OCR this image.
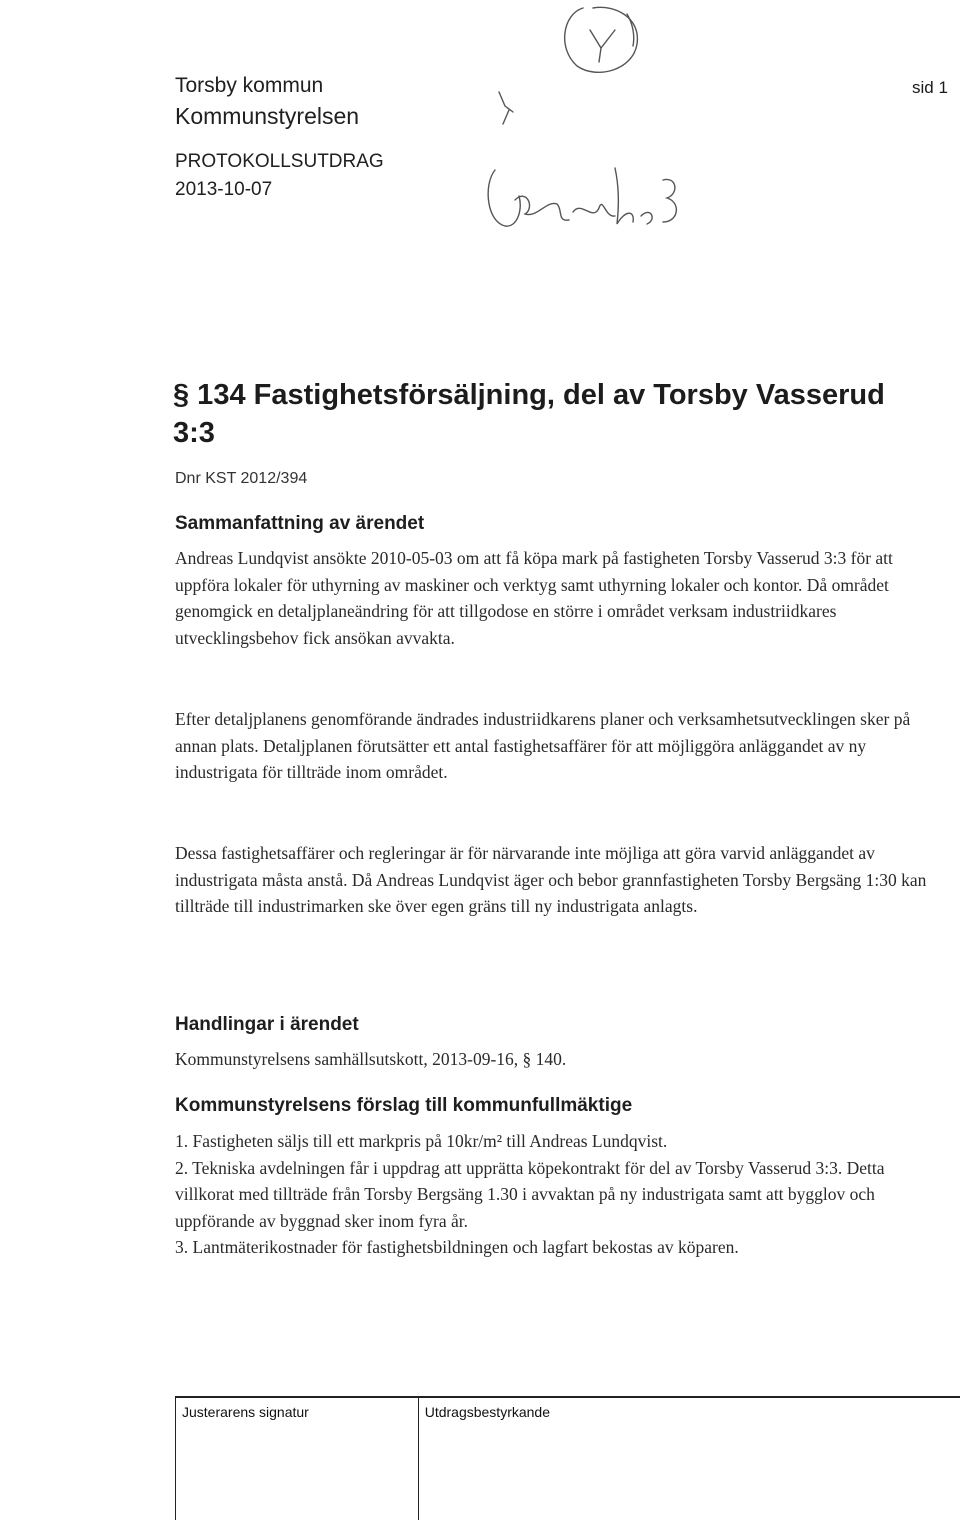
Torsby kommun
Kommunstyrelsen
PROTOKOLLSUTDRAG
2013-10-07
sid 1
§ 134 Fastighetsförsäljning, del av Torsby Vasserud 3:3
Dnr KST 2012/394
Sammanfattning av ärendet

Andreas Lundqvist ansökte 2010-05-03 om att få köpa mark på fastigheten Torsby Vasserud 3:3 för att uppföra lokaler för uthyrning av maskiner och verktyg samt uthyrning lokaler och kontor. Då området genomgick en detaljplaneändring för att tillgodose en större i området verksam industriidkares utvecklingsbehov fick ansökan avvakta.

Efter detaljplanens genomförande ändrades industriidkarens planer och verksamhetsutvecklingen sker på annan plats. Detaljplanen förutsätter ett antal fastighetsaffärer för att möjliggöra anläggandet av ny industrigata för tillträde inom området.

Dessa fastighetsaffärer och regleringar är för närvarande inte möjliga att göra varvid anläggandet av industrigata måsta anstå. Då Andreas Lundqvist äger och bebor grannfastigheten Torsby Bergsäng 1:30 kan tillträde till industrimarken ske över egen gräns till ny industrigata anlagts.

Handlingar i ärendet
Kommunstyrelsens samhällsutskott, 2013-09-16, § 140.
Kommunstyrelsens förslag till kommunfullmäktige

1. Fastigheten säljs till ett markpris på 10kr/m² till Andreas Lundqvist.

2. Tekniska avdelningen får i uppdrag att upprätta köpekontrakt för del av Torsby Vasserud 3:3. Detta villkorat med tillträde från Torsby Bergsäng 1.30 i avvaktan på ny industrigata samt att bygglov och uppförande av byggnad sker inom fyra år.

3. Lantmäterikostnader för fastighetsbildningen och lagfart bekostas av köparen.

Justerarens signatur	Utdragsbestyrkande
